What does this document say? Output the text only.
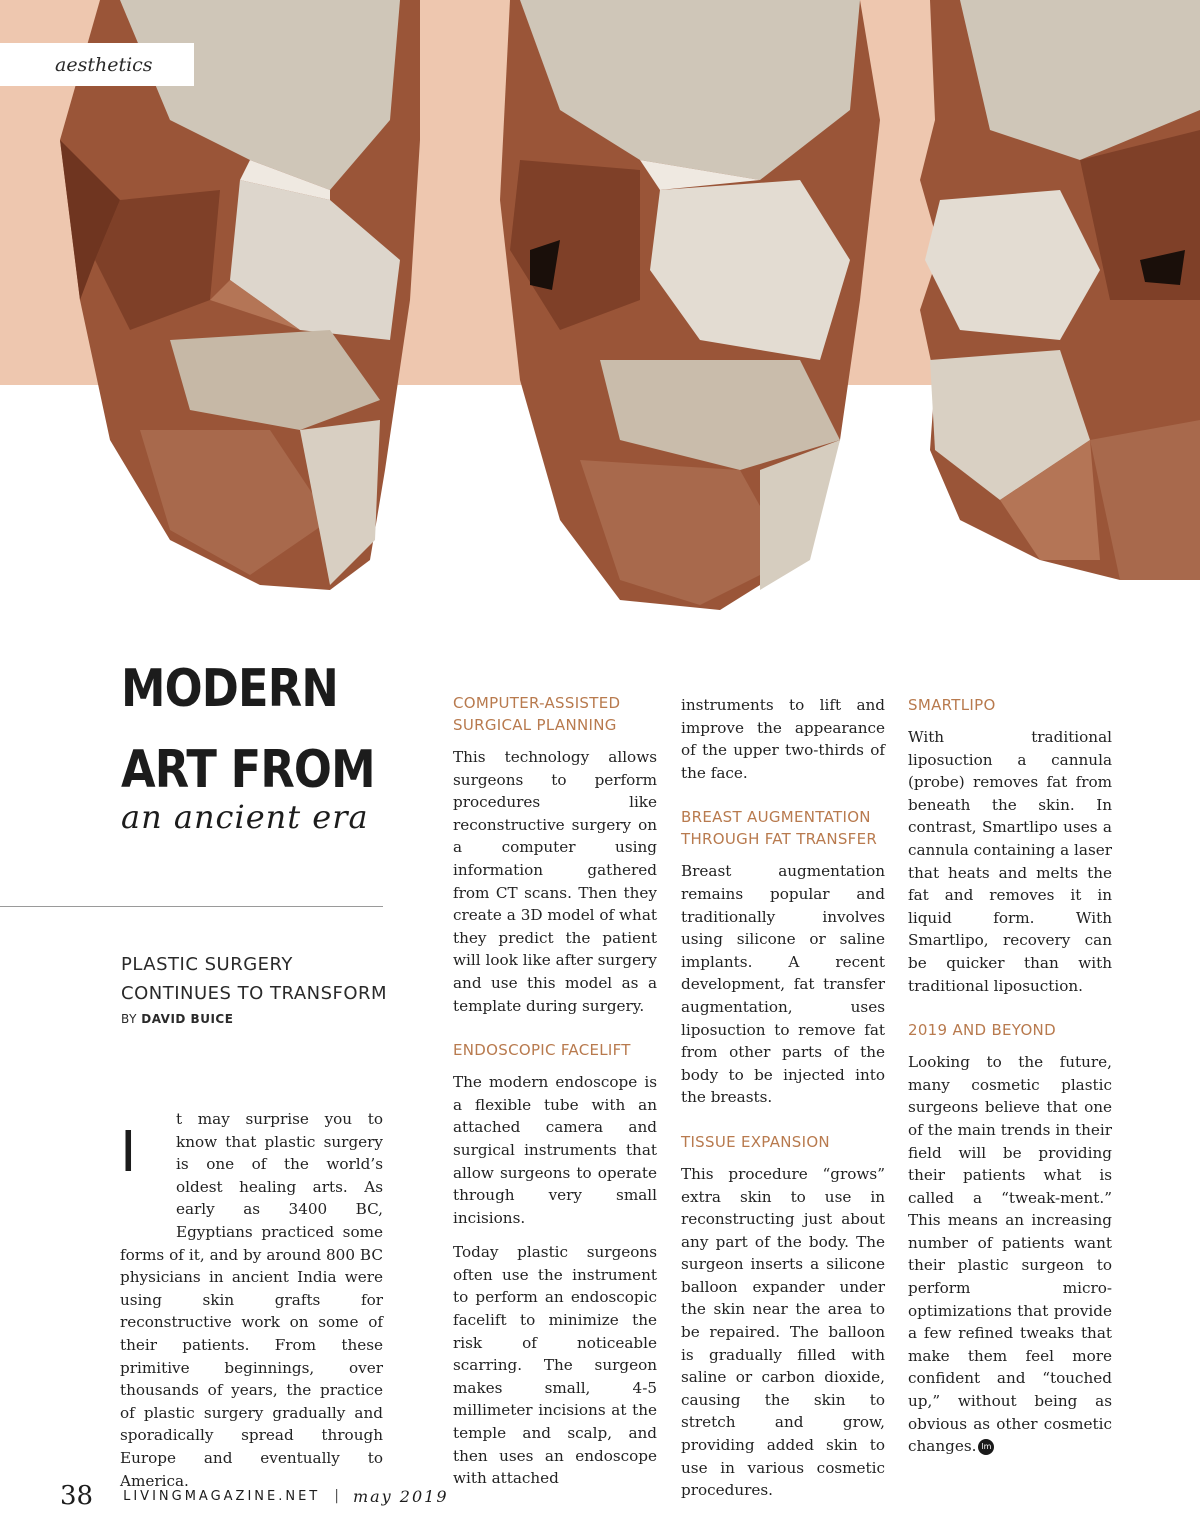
aesthetics
MODERN
ART FROM
an ancient era
PLASTIC SURGERY
CONTINUES TO TRANSFORM
BY DAVID BUICE
I

t may surprise you to know that plastic surgery is one of the world’s oldest healing arts. As early as 3400 BC, Egyptians practiced some forms of it, and by around 800 BC physicians in ancient India were using skin grafts for reconstructive work on some of their patients. From these primitive beginnings, over thousands of years, the practice of plastic surgery gradually and sporadically spread through Europe and eventually to America.

COMPUTER-ASSISTED
SURGICAL PLANNING

This technology allows surgeons to perform procedures like reconstructive surgery on a computer using information gathered from CT scans. Then they create a 3D model of what they predict the patient will look like after surgery and use this model as a template during surgery.

ENDOSCOPIC FACELIFT

The modern endoscope is a flexible tube with an attached camera and surgical instruments that allow surgeons to operate through very small incisions.

Today plastic surgeons often use the instrument to perform an endoscopic facelift to minimize the risk of noticeable scarring. The surgeon makes small, 4-5 millimeter incisions at the temple and scalp, and then uses an endoscope with attached

instruments to lift and improve the appearance of the upper two-thirds of the face.

BREAST AUGMENTATION
THROUGH FAT TRANSFER

Breast augmentation remains popular and traditionally involves using silicone or saline implants. A recent development, fat transfer augmentation, uses liposuction to remove fat from other parts of the body to be injected into the breasts.

TISSUE EXPANSION

This procedure “grows” extra skin to use in reconstructing just about any part of the body. The surgeon inserts a silicone balloon expander under the skin near the area to be repaired. The balloon is gradually filled with saline or carbon dioxide, causing the skin to stretch and grow, providing added skin to use in various cosmetic procedures.

SMARTLIPO

With traditional liposuction a cannula (probe) removes fat from beneath the skin. In contrast, Smartlipo uses a cannula containing a laser that heats and melts the fat and removes it in liquid form. With Smartlipo, recovery can be quicker than with traditional liposuction.

2019 AND BEYOND

Looking to the future, many cosmetic plastic surgeons believe that one of the main trends in their field will be providing their patients what is called a “tweak-ment.” This means an increasing number of patients want their plastic surgeon to perform micro-optimizations that provide a few refined tweaks that make them feel more confident and “touched up,” without being as obvious as other cosmetic changes. lm

38 LIVINGMAGAZINE.NET | may 2019
